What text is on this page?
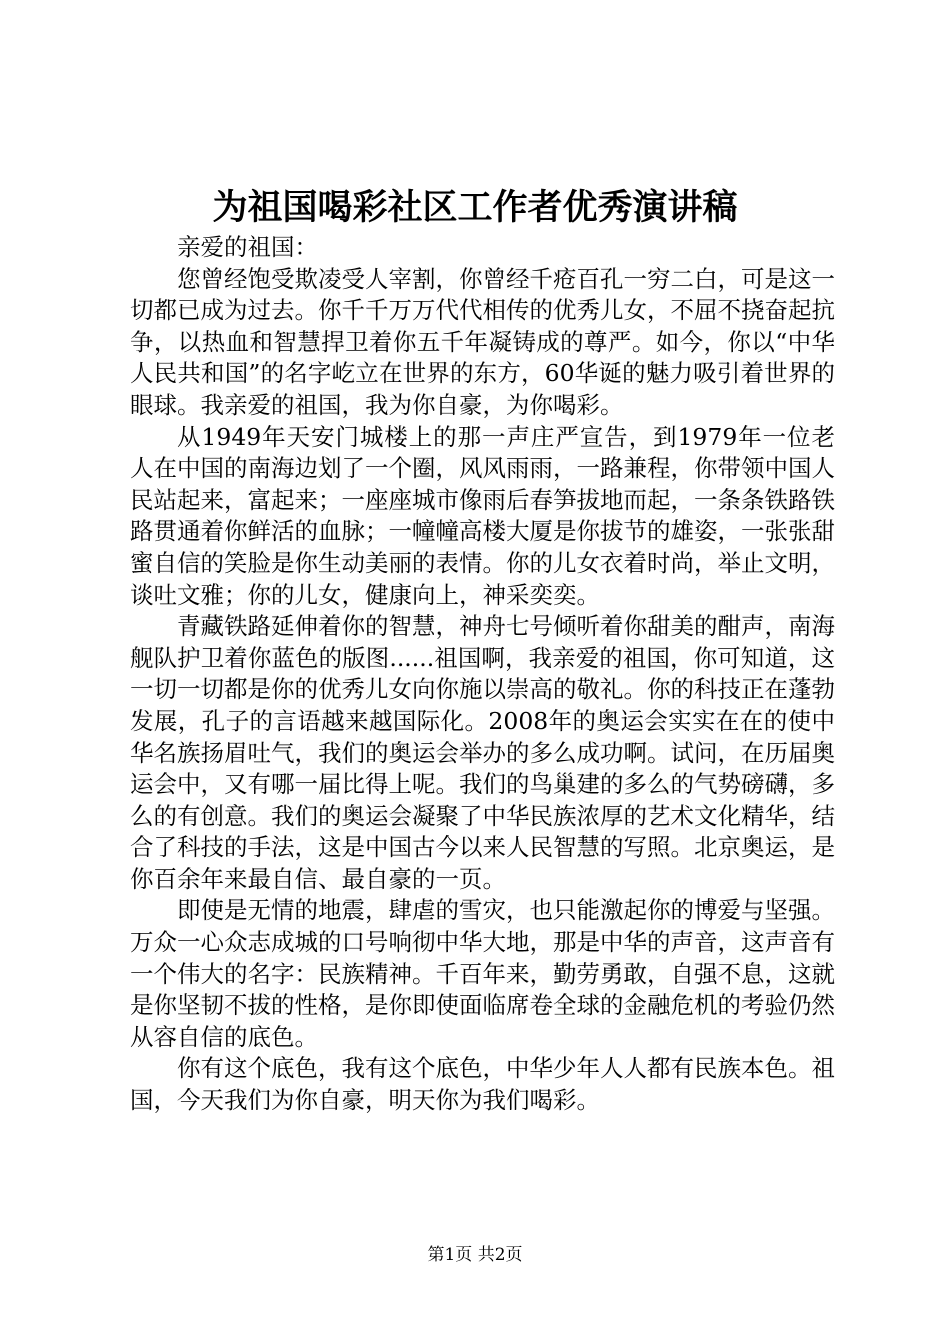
为祖国喝彩社区工作者优秀演讲稿

亲爱的祖国：

您曾经饱受欺凌受人宰割，你曾经千疮百孔一穷二白，可是这一切都已成为过去。你千千万万代代相传的优秀儿女，不屈不挠奋起抗争，以热血和智慧捍卫着你五千年凝铸成的尊严。如今，你以“中华人民共和国”的名字屹立在世界的东方，60华诞的魅力吸引着世界的眼球。我亲爱的祖国，我为你自豪，为你喝彩。

从1949年天安门城楼上的那一声庄严宣告，到1979年一位老人在中国的南海边划了一个圈，风风雨雨，一路兼程，你带领中国人民站起来，富起来；一座座城市像雨后春笋拔地而起，一条条铁路铁路贯通着你鲜活的血脉；一幢幢高楼大厦是你拔节的雄姿，一张张甜蜜自信的笑脸是你生动美丽的表情。你的儿女衣着时尚，举止文明，谈吐文雅；你的儿女，健康向上，神采奕奕。

青藏铁路延伸着你的智慧，神舟七号倾听着你甜美的酣声，南海舰队护卫着你蓝色的版图......祖国啊，我亲爱的祖国，你可知道，这一切一切都是你的优秀儿女向你施以崇高的敬礼。你的科技正在蓬勃发展，孔子的言语越来越国际化。2008年的奥运会实实在在的使中华名族扬眉吐气，我们的奥运会举办的多么成功啊。试问，在历届奥运会中，又有哪一届比得上呢。我们的鸟巢建的多么的气势磅礴，多么的有创意。我们的奥运会凝聚了中华民族浓厚的艺术文化精华，结合了科技的手法，这是中国古今以来人民智慧的写照。北京奥运，是你百余年来最自信、最自豪的一页。

即使是无情的地震，肆虐的雪灾，也只能激起你的博爱与坚强。万众一心众志成城的口号响彻中华大地，那是中华的声音，这声音有一个伟大的名字：民族精神。千百年来，勤劳勇敢，自强不息，这就是你坚韧不拔的性格，是你即使面临席卷全球的金融危机的考验仍然从容自信的底色。

你有这个底色，我有这个底色，中华少年人人都有民族本色。祖国，今天我们为你自豪，明天你为我们喝彩。

第1页 共2页
